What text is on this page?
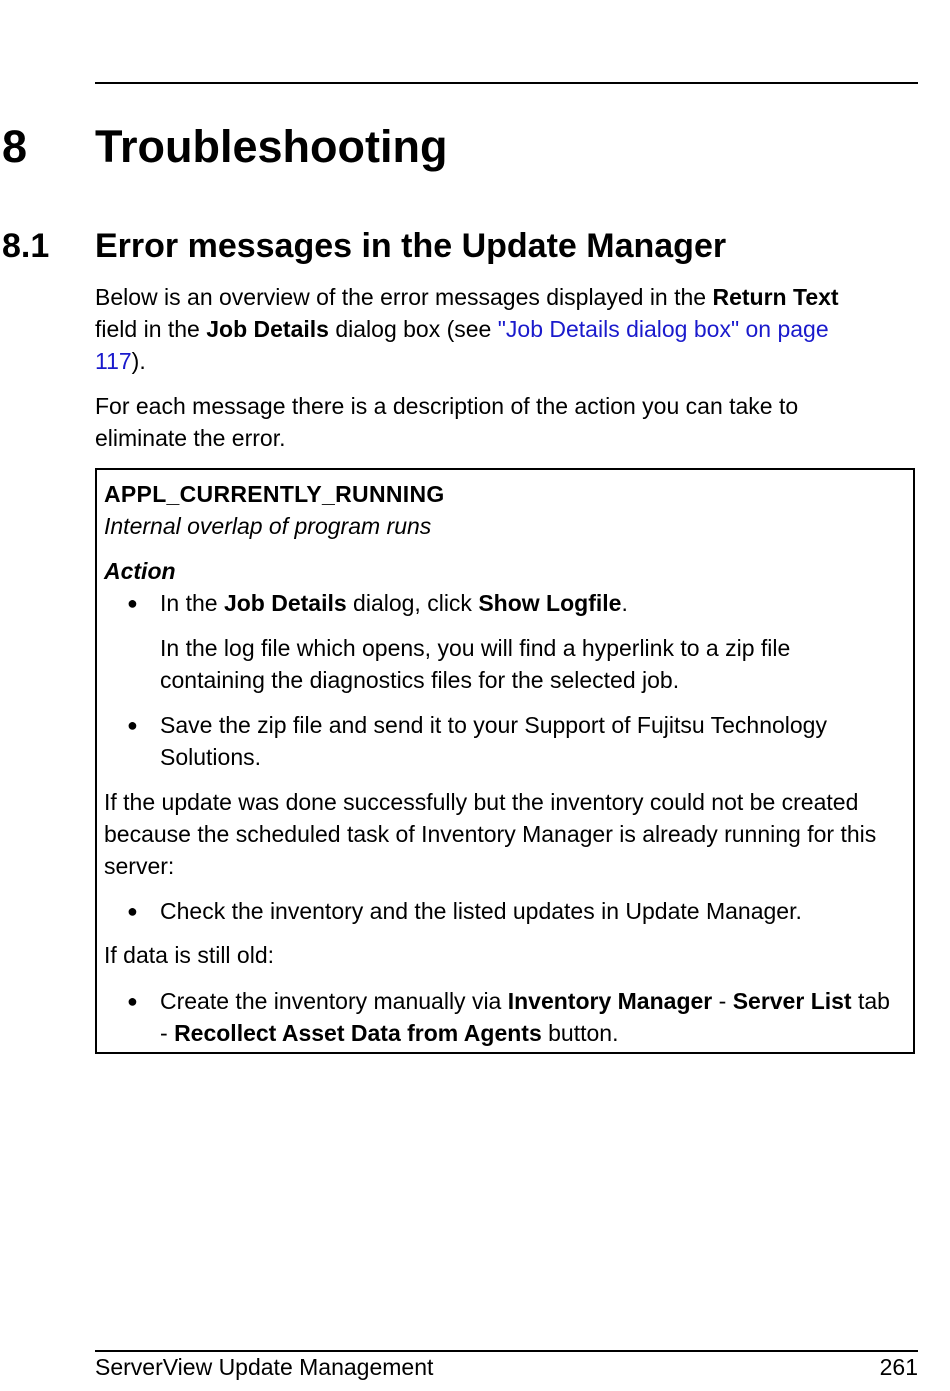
8 Troubleshooting
8.1 Error messages in the Update Manager

Below is an overview of the error messages displayed in the Return Text field in the Job Details dialog box (see "Job Details dialog box" on page 117).

For each message there is a description of the action you can take to eliminate the error.

APPL_CURRENTLY_RUNNING

Internal overlap of program runs

Action

● In the Job Details dialog, click Show Logfile.

In the log file which opens, you will find a hyperlink to a zip file containing the diagnostics files for the selected job.

● Save the zip file and send it to your Support of Fujitsu Technology Solutions.

If the update was done successfully but the inventory could not be created because the scheduled task of Inventory Manager is already running for this server:

● Check the inventory and the listed updates in Update Manager.

If data is still old:

● Create the inventory manually via Inventory Manager - Server List tab - Recollect Asset Data from Agents button.

ServerView Update Management	261
